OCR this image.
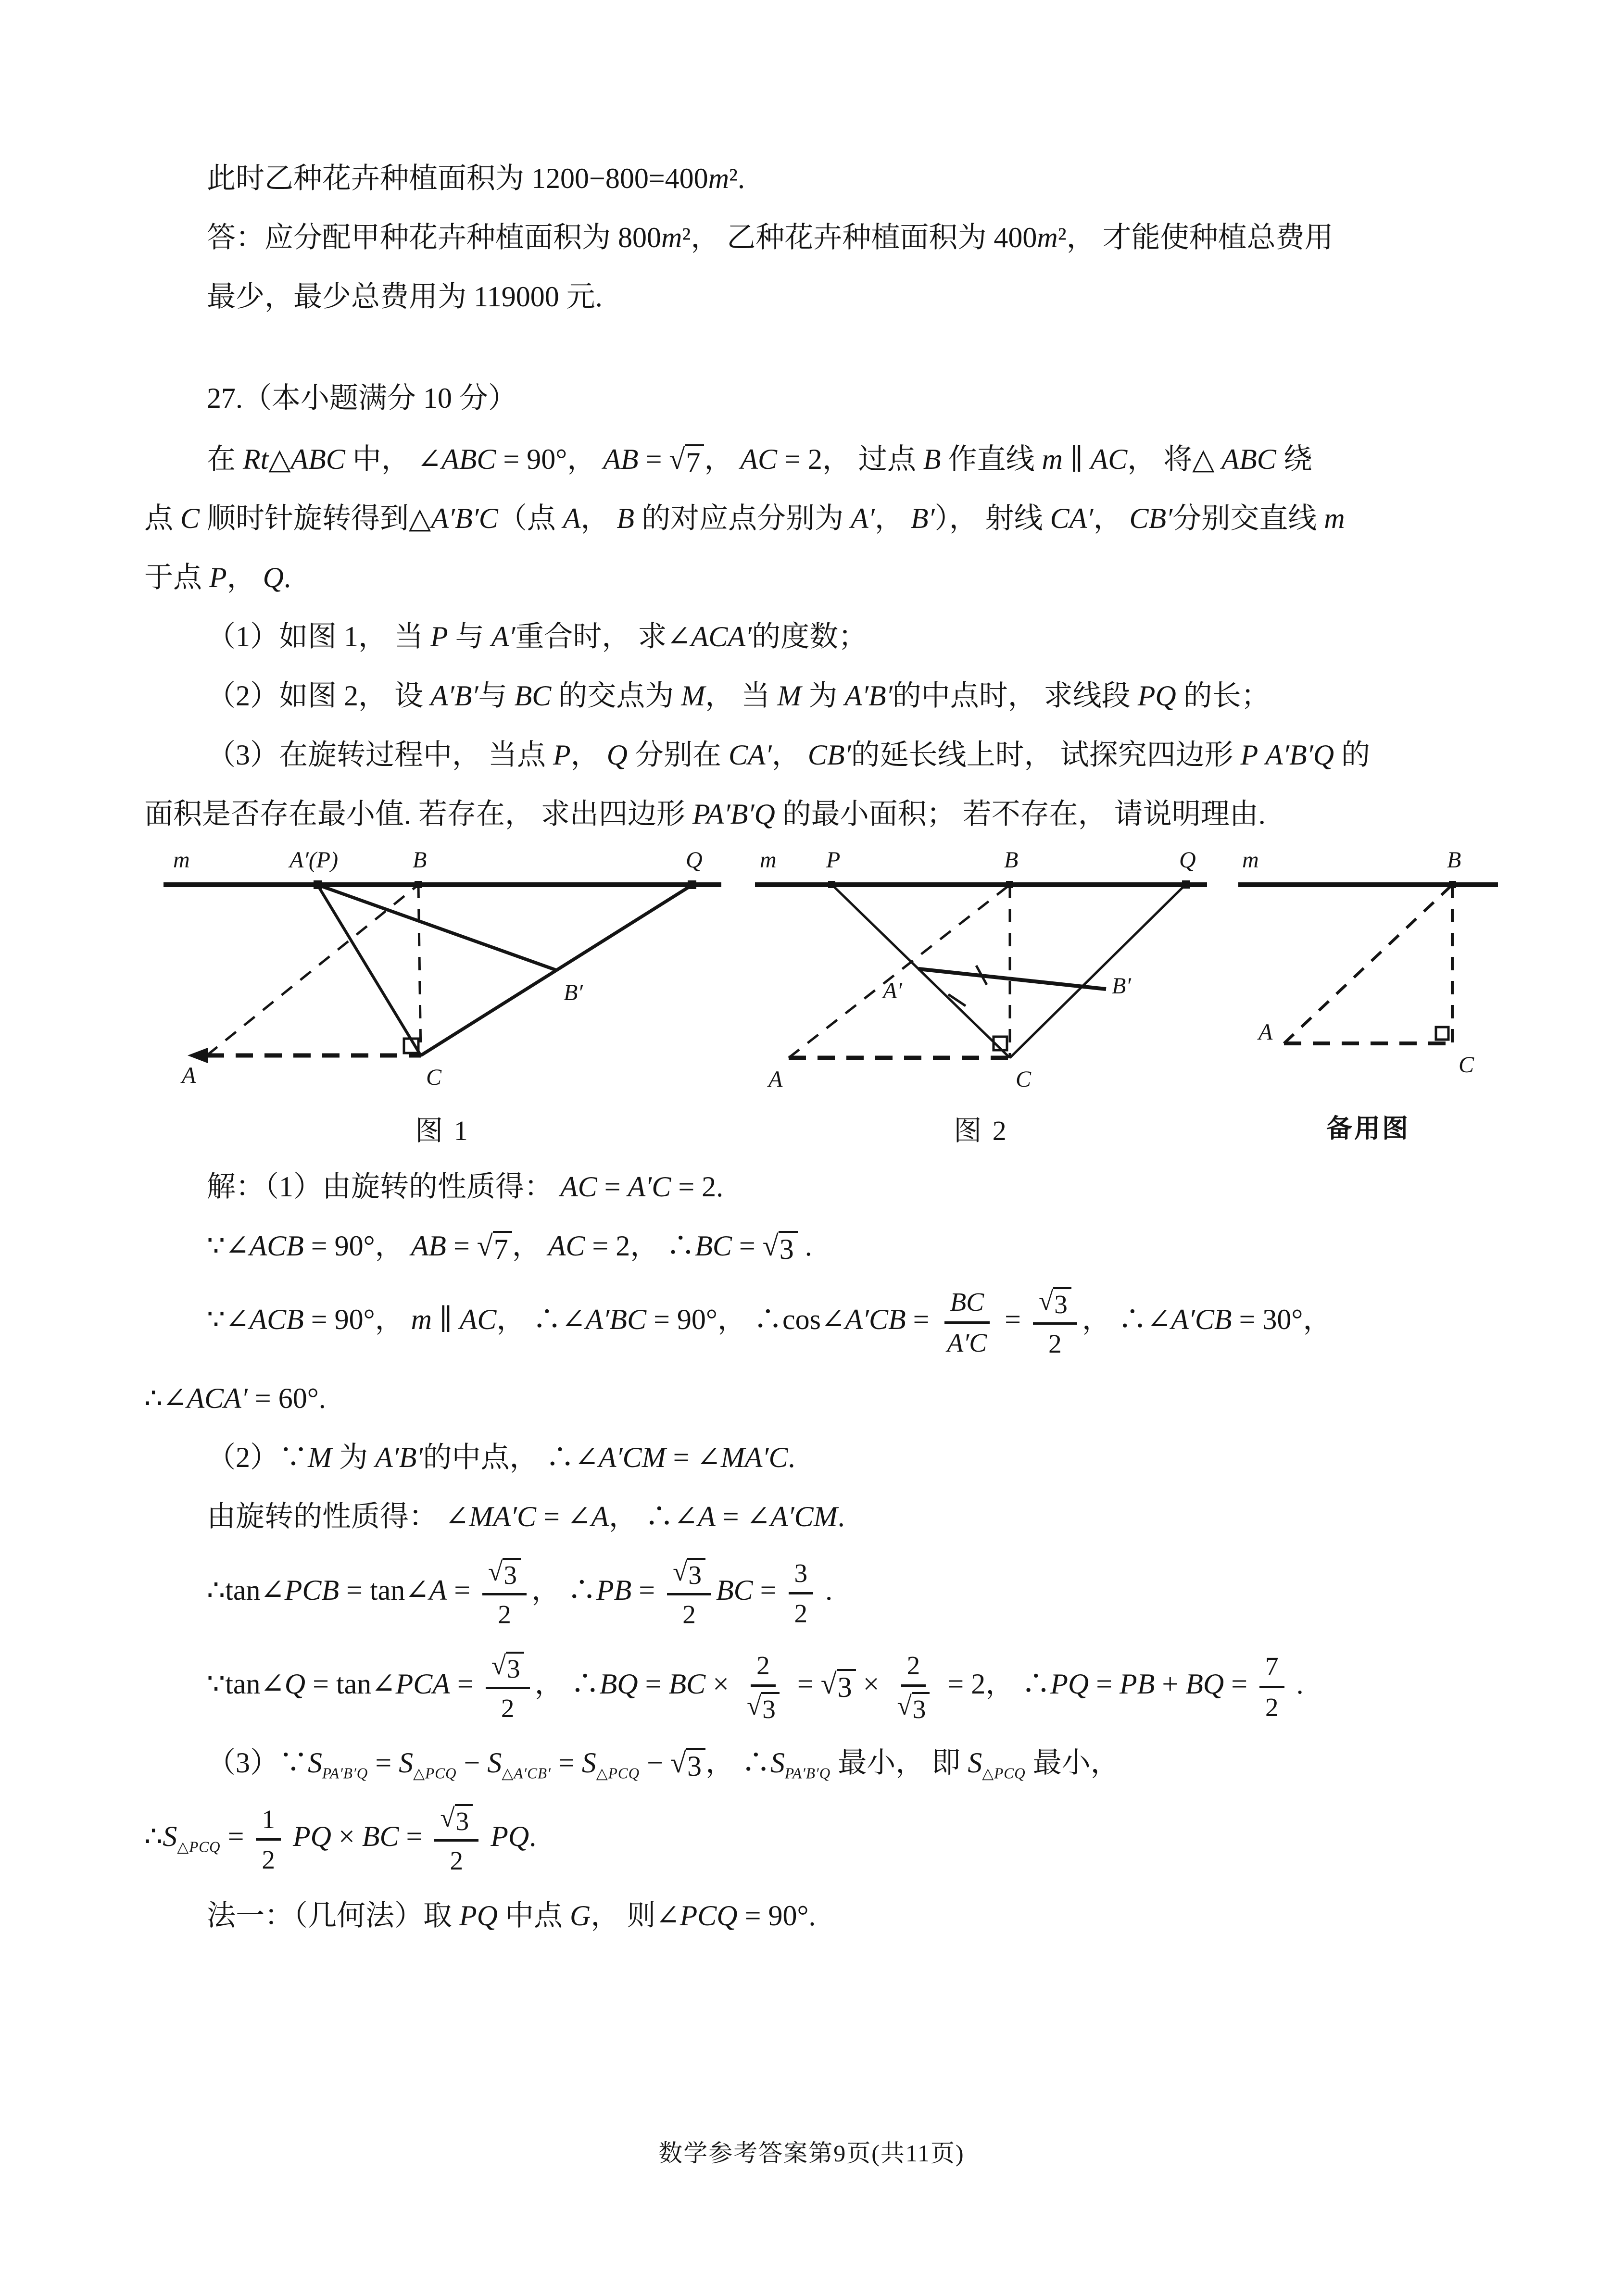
此时乙种花卉种植面积为 1200−800=400m².
答：应分配甲种花卉种植面积为 800m²， 乙种花卉种植面积为 400m²， 才能使种植总费用
最少，最少总费用为 119000 元.
27.（本小题满分 10 分）
在 Rt△ABC 中， ∠ABC = 90°， AB = √ 7 ， AC = 2， 过点 B 作直线 m ∥ AC， 将△ ABC 绕
点 C 顺时针旋转得到△A′B′C（点 A， B 的对应点分别为 A′， B′）， 射线 CA′， CB′分别交直线 m
于点 P， Q.
（1）如图 1， 当 P 与 A′重合时， 求∠ACA′的度数；
（2）如图 2， 设 A′B′与 BC 的交点为 M， 当 M 为 A′B′的中点时， 求线段 PQ 的长；
（3）在旋转过程中， 当点 P， Q 分别在 CA′， CB′的延长线上时， 试探究四边形 P A′B′Q 的
面积是否存在最小值. 若存在， 求出四边形 PA′B′Q 的最小面积； 若不存在， 请说明理由.
m	A′(P)	B	Q
B′
A	C
图 1
m P	B	Q
A′	B′
A	C
图 2
m	B
A
C
备用图
解：（1）由旋转的性质得： AC = A′C = 2.
∵∠ACB = 90°， AB = √ 7 ， AC = 2， ∴BC = √ 3 .
∵∠ACB = 90°， m ∥ AC， ∴∠A′BC = 90°， ∴cos∠A′CB = $\frac{BC}{A'C} = \frac{√ 3}{2}$ ， ∴∠A′CB = 30°，
∴∠ACA′ = 60°.
（2）∵M 为 A′B′的中点， ∴∠A′CM = ∠MA′C.
由旋转的性质得： ∠MA′C = ∠A， ∴∠A = ∠A′CM.
∴tan∠PCB = tan∠A = $\frac{√ 3}{2}$ ， ∴PB = $\frac{√ 3}{2}$ BC = $\frac{3}{2}$ .
∵tan∠Q = tan∠PCA = $\frac{√ 3}{2}$ ， ∴BQ = BC × $\frac{2}{√ 3}$ = √ $3 \times \frac{2}{√ 3} = 2$， ∴PQ = PB + BQ = $\frac{7}{2}$ .
$(3)\because S_{PA'B'Q} = S_{\triangle PCQ} - S_{\triangle A'CB'} = S_{\triangle PCQ}$ − √ 3 ， $\therefore S_{PA'B'Q}$ 最小， 即 $S_{\triangle PCQ}$ 最小，
$\therefore S_{\triangle PCQ} = \frac{1}{2}$ PQ × BC = $\frac{√ 3}{2}$ PQ.
法一：（几何法）取 PQ 中点 G， 则∠PCQ = 90°.
数学参考答案第9页(共11页)
